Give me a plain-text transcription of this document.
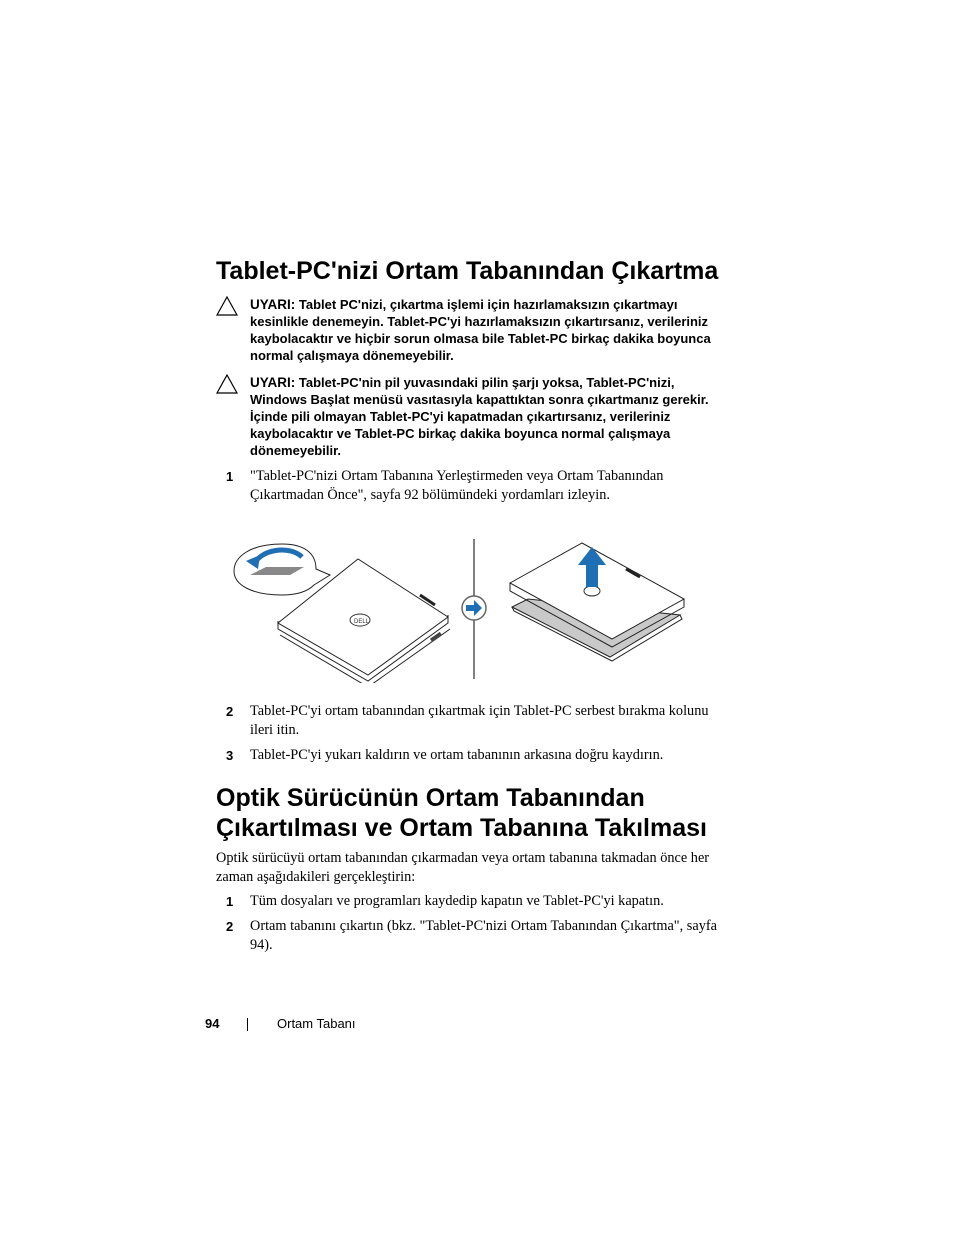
Tablet-PC'nizi Ortam Tabanından Çıkartma
UYARI: Tablet PC'nizi, çıkartma işlemi için hazırlamaksızın çıkartmayı kesinlikle denemeyin. Tablet-PC'yi hazırlamaksızın çıkartırsanız, verileriniz kaybolacaktır ve hiçbir sorun olmasa bile Tablet-PC birkaç dakika boyunca normal çalışmaya dönemeyebilir.
UYARI: Tablet-PC'nin pil yuvasındaki pilin şarjı yoksa, Tablet-PC'nizi, Windows Başlat menüsü vasıtasıyla kapattıktan sonra çıkartmanız gerekir. İçinde pili olmayan Tablet-PC'yi kapatmadan çıkartırsanız, verileriniz kaybolacaktır ve Tablet-PC birkaç dakika boyunca normal çalışmaya dönemeyebilir.
1 "Tablet-PC'nizi Ortam Tabanına Yerleştirmeden veya Ortam Tabanından Çıkartmadan Önce", sayfa 92 bölümündeki yordamları izleyin.
DELL
2 Tablet-PC'yi ortam tabanından çıkartmak için Tablet-PC serbest bırakma kolunu ileri itin.
3 Tablet-PC'yi yukarı kaldırın ve ortam tabanının arkasına doğru kaydırın.
Optik Sürücünün Ortam Tabanından
Çıkartılması ve Ortam Tabanına Takılması
Optik sürücüyü ortam tabanından çıkarmadan veya ortam tabanına takmadan önce her zaman aşağıdakileri gerçekleştirin:
1 Tüm dosyaları ve programları kaydedip kapatın ve Tablet-PC'yi kapatın.
2 Ortam tabanını çıkartın (bkz. "Tablet-PC'nizi Ortam Tabanından Çıkartma", sayfa 94).
94	Ortam Tabanı
